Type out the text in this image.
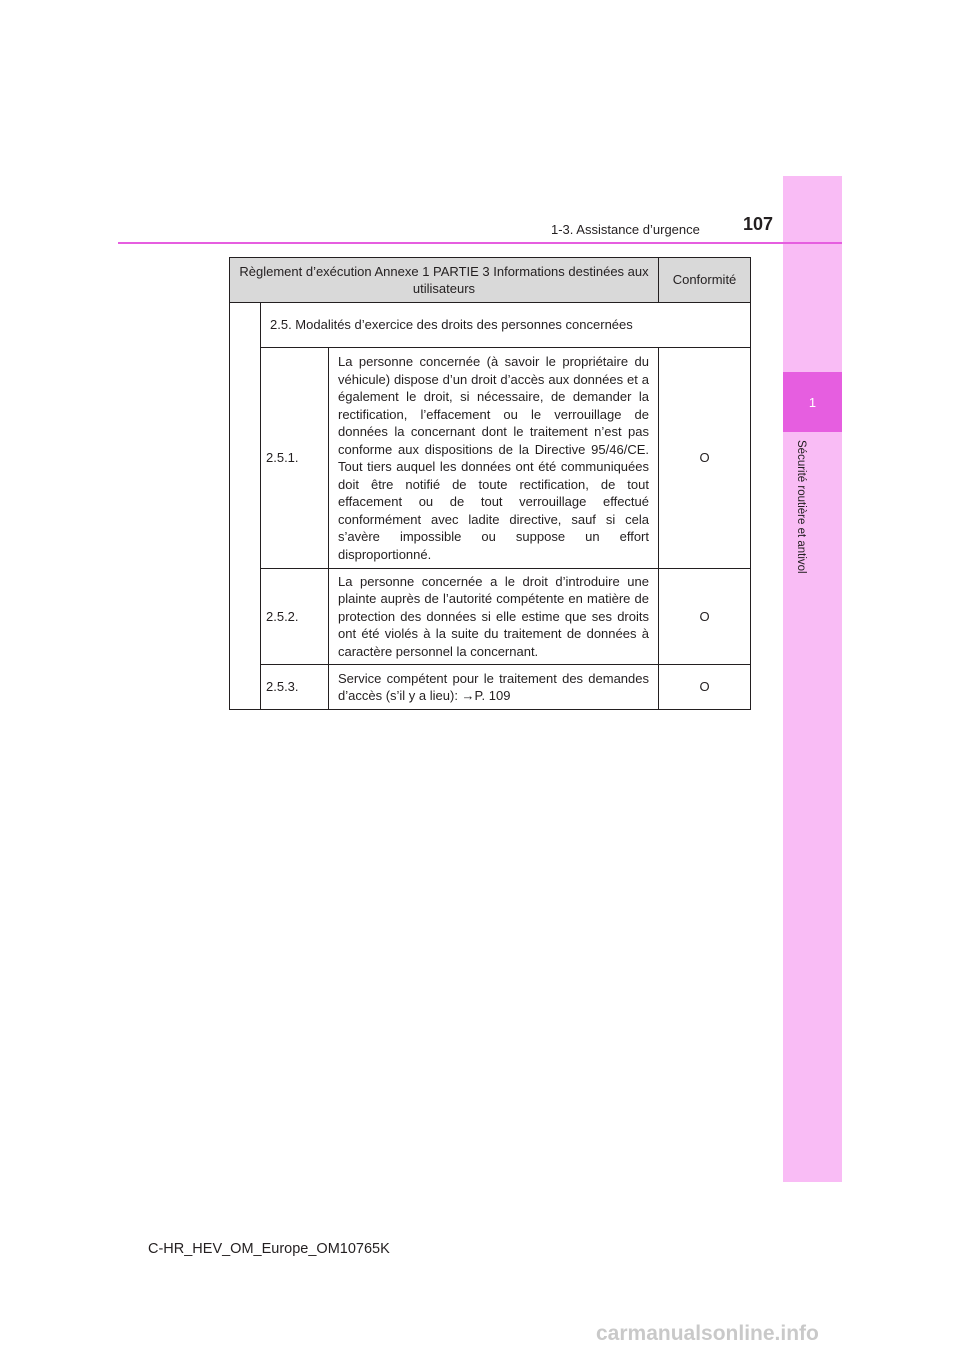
1
Sécurité routière et antivol
1-3. Assistance d’urgence	107
Règlement d’exécution Annexe 1 PARTIE 3 Informations destinées aux utilisateurs			Conformité
	2.5. Modalités d’exercice des droits des personnes concernées		
	2.5.1.	La personne concernée (à savoir le propriétaire du véhicule) dispose d’un droit d’accès aux données et a également le droit, si nécessaire, de demander la rectification, l’effacement ou le verrouillage de données la concernant dont le traitement n’est pas conforme aux dispositions de la Directive 95/46/CE. Tout tiers auquel les données ont été communiquées doit être notifié de toute rectification, de tout effacement ou de tout verrouillage effectué conformément avec ladite directive, sauf si cela s’avère impossible ou suppose un effort disproportionné.	O
	2.5.2.	La personne concernée a le droit d’introduire une plainte auprès de l’autorité compétente en matière de protection des données si elle estime que ses droits ont été violés à la suite du traitement de données à caractère personnel la concernant.	O
	2.5.3.	Service compétent pour le traitement des demandes d’accès (s’il y a lieu): →P. 109	O
C-HR_HEV_OM_Europe_OM10765K
carmanualsonline.info
